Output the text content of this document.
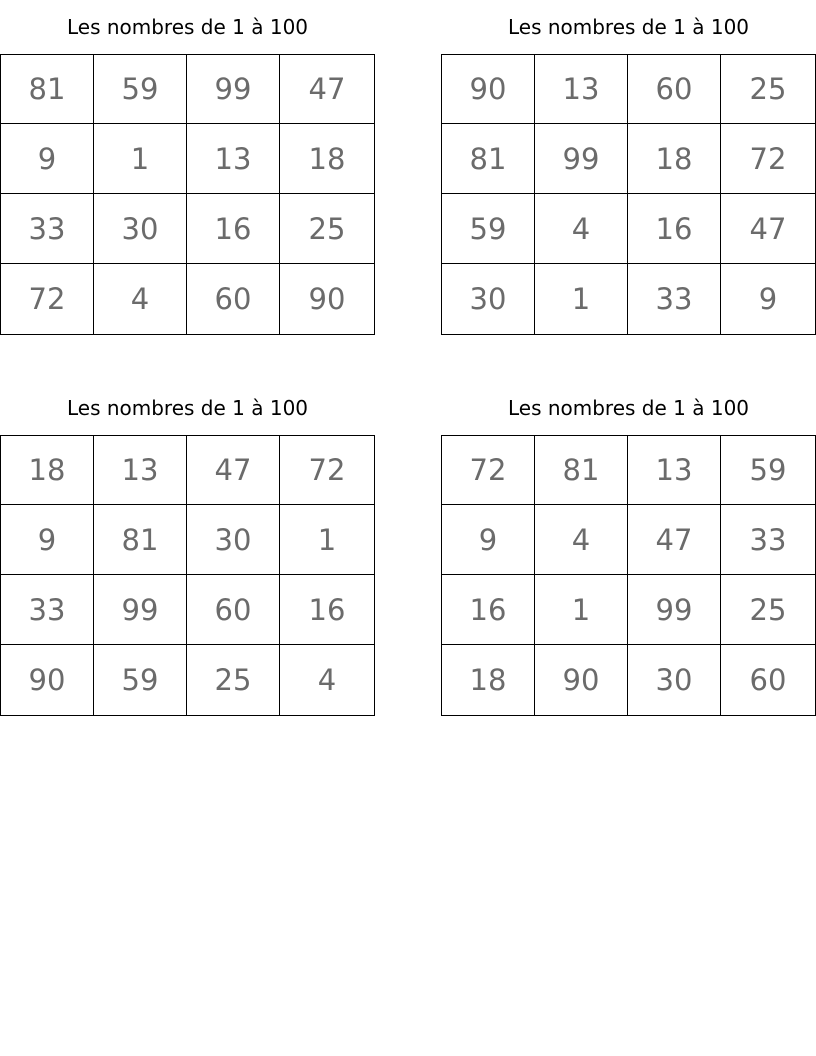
Les nombres de 1 à 100
81	59	99	47
9	1	13	18
33	30	16	25
72	4	60	90
Les nombres de 1 à 100
90	13	60	25
81	99	18	72
59	4	16	47
30	1	33	9
Les nombres de 1 à 100
18	13	47	72
9	81	30	1
33	99	60	16
90	59	25	4
Les nombres de 1 à 100
72	81	13	59
9	4	47	33
16	1	99	25
18	90	30	60
